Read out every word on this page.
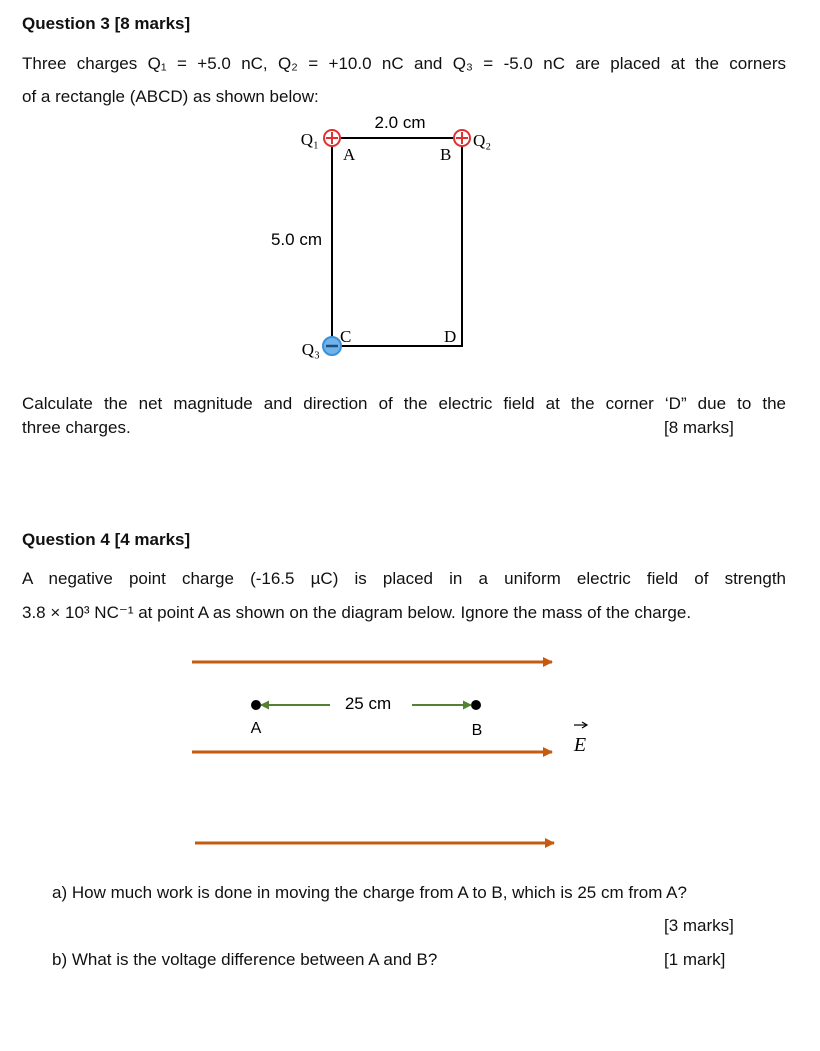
Question 3 [8 marks]
Three charges Q₁ = +5.0 nC, Q₂ = +10.0 nC and Q₃ = -5.0 nC are placed at the corners
of a rectangle (ABCD) as shown below:
2.0 cm
5.0 cm
Q₁	Q₂
Q₃
A	B
C	D
Calculate the net magnitude and direction of the electric field at the corner ‘D” due to the
three charges.	[8 marks]
Question 4 [4 marks]
A negative point charge (-16.5 µC) is placed in a uniform electric field of strength
3.8 × 10³ NC⁻¹ at point A as shown on the diagram below. Ignore the mass of the charge.
25 cm
A	B
E
a) How much work is done in moving the charge from A to B, which is 25 cm from A?
[3 marks]
b) What is the voltage difference between A and B?	[1 mark]
